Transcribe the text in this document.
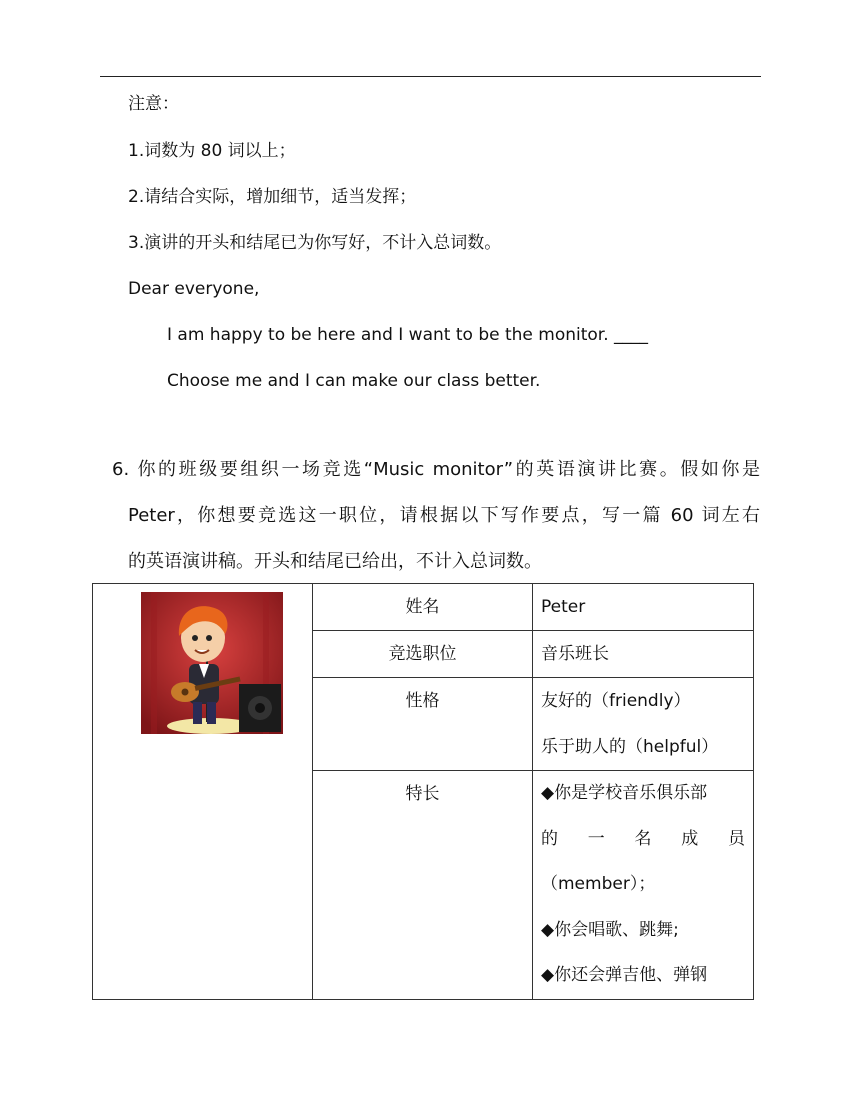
注意：
1.词数为 80 词以上；
2.请结合实际，增加细节，适当发挥；
3.演讲的开头和结尾已为你写好，不计入总词数。
Dear everyone,
I am happy to be here and I want to be the monitor. ____
Choose me and I can make our class better.
6. 你的班级要组织一场竞选“Music monitor”的英语演讲比赛。假如你是
Peter，你想要竞选这一职位，请根据以下写作要点，写一篇 60 词左右
的英语演讲稿。开头和结尾已给出，不计入总词数。

姓名	Peter

	竞选职位	音乐班长

	性格	友好的（friendly）
乐于助人的（helpful）

	特长	◆你是学校音乐俱乐部
的 一 名 成 员
（member）；
◆你会唱歌、跳舞;
◆你还会弹吉他、弹钢
